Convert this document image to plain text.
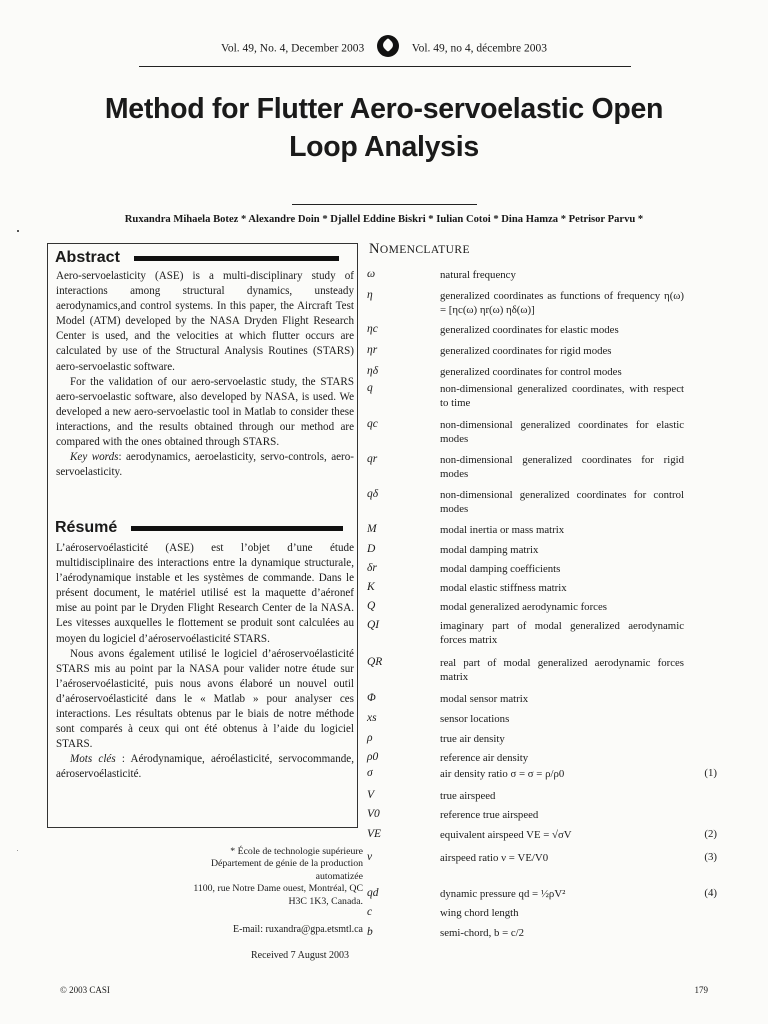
Vol. 49, No. 4, December 2003	Vol. 49, no 4, décembre 2003
Method for Flutter Aero-servoelastic Open
Loop Analysis
Ruxandra Mihaela Botez * Alexandre Doin * Djallel Eddine Biskri * Iulian Cotoi * Dina Hamza * Petrisor Parvu *
Abstract

Aero-servoelasticity (ASE) is a multi-disciplinary study of interactions among structural dynamics, unsteady aerodynamics,and control systems. In this paper, the Aircraft Test Model (ATM) developed by the NASA Dryden Flight Research Center is used, and the velocities at which flutter occurs are calculated by use of the Structural Analysis Routines (STARS) aero-servoelastic software.

For the validation of our aero-servoelastic study, the STARS aero-servoelastic software, also developed by NASA, is used. We developed a new aero-servoelastic tool in Matlab to consider these interactions, and the results obtained through our method are compared with the ones obtained through STARS.

Key words: aerodynamics, aeroelasticity, servo-controls, aero-servoelasticity.

Résumé

L’aéroservoélasticité (ASE) est l’objet d’une étude multidisciplinaire des interactions entre la dynamique structurale, l’aérodynamique instable et les systèmes de commande. Dans le présent document, le matériel utilisé est la maquette d’aéronef mise au point par le Dryden Flight Research Center de la NASA. Les vitesses auxquelles le flottement se produit sont calculées au moyen du logiciel d’aéroservoélasticité STARS.

Nous avons également utilisé le logiciel d’aéroservoélasticité STARS mis au point par la NASA pour valider notre étude sur l’aéroservoélasticité, puis nous avons élaboré un nouvel outil d’aéroservoélasticité dans le « Matlab » pour analyser ces interactions. Les résultats obtenus par le biais de notre méthode sont comparés à ceux qui ont été obtenus à l’aide du logiciel STARS.

Mots clés : Aérodynamique, aéroélasticité, servocommande, aéroservoélasticité.

* École de technologie supérieure
Département de génie de la production
automatizée
1100, rue Notre Dame ouest, Montréal, QC
H3C 1K3, Canada.
E-mail: ruxandra@gpa.etsmtl.ca
Received 7 August 2003
© 2003 CASI	179
NOMENCLATURE
ω	natural frequency
η	generalized coordinates as functions of frequency η(ω) = [ηc(ω) ηr(ω) ηδ(ω)]
ηc	generalized coordinates for elastic modes
ηr	generalized coordinates for rigid modes
ηδ	generalized coordinates for control modes
q	non-dimensional generalized coordinates, with respect to time
qc	non-dimensional generalized coordinates for elastic modes
qr	non-dimensional generalized coordinates for rigid modes
qδ	non-dimensional generalized coordinates for control modes
M	modal inertia or mass matrix
D	modal damping matrix
δr	modal damping coefficients
K	modal elastic stiffness matrix
Q	modal generalized aerodynamic forces
QI	imaginary part of modal generalized aerodynamic forces matrix
QR	real part of modal generalized aerodynamic forces matrix
Φ	modal sensor matrix
xs	sensor locations
ρ	true air density
ρ0	reference air density
σ	air density ratio σ = σ = ρ/ρ0	(1)
V	true airspeed
V0	reference true airspeed
VE	equivalent airspeed VE = √σV	(2)
ν	airspeed ratio ν = VE/V0	(3)
qd	dynamic pressure qd = ½ρV²	(4)
c	wing chord length
b	semi-chord, b = c/2
